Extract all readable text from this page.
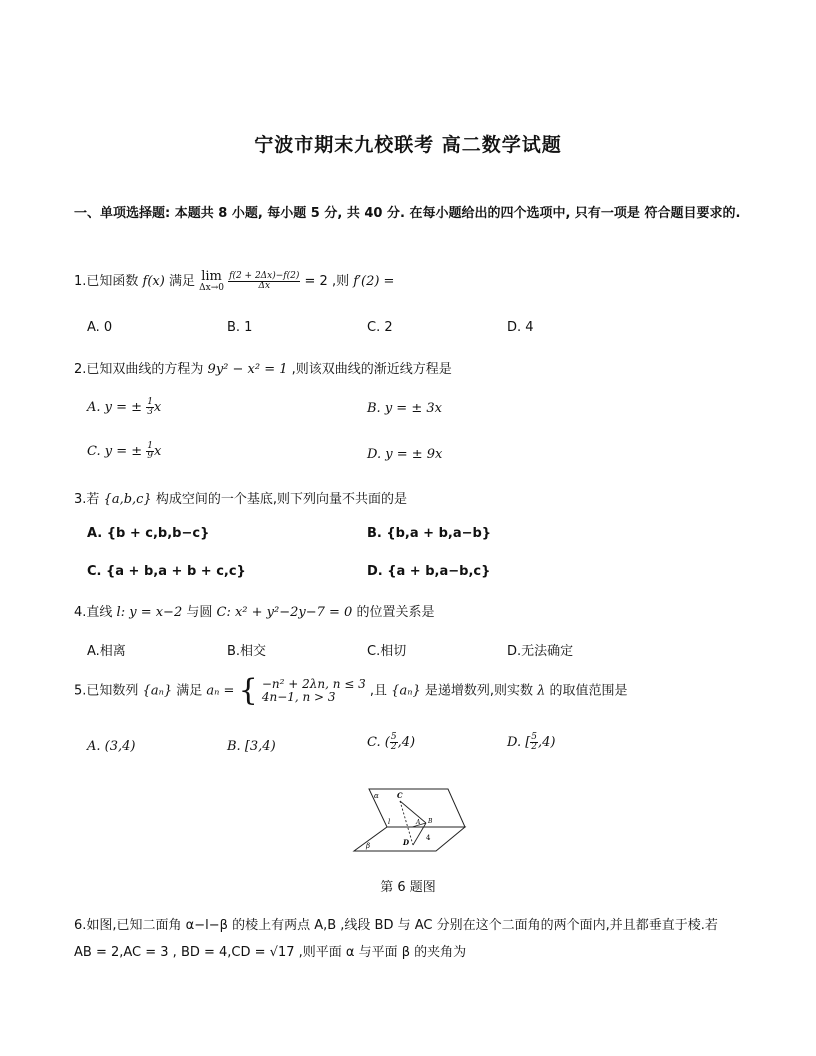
宁波市期末九校联考 高二数学试题
一、单项选择题: 本题共 8 小题, 每小题 5 分, 共 40 分. 在每小题给出的四个选项中, 只有一项是 符合题目要求的.
1.已知函数 f(x) 满足 lim
Δx→0
$\frac{f(2 + 2\Delta x)-f(2)}{\Delta x} = 2$ ,则 f′(2) =
A. 0	B. 1	C. 2	D. 4
2.已知双曲线的方程为 9y² − x² = 1 ,则该双曲线的渐近线方程是
A. y = ± $\frac{1}{3}$ x	B. y = ± 3x
C. y = ± $\frac{1}{9}$ x	D. y = ± 9x
3.若 {a,b,c} 构成空间的一个基底,则下列向量不共面的是
A. {b + c,b,b−c}	B. {b,a + b,a−b}
C. {a + b,a + b + c,c}	D. {a + b,a−b,c}
4.直线 l: y = x−2 与圆 C: x² + y²−2y−7 = 0 的位置关系是
A.相离	B.相交	C.相切	D.无法确定
5.已知数列 {aₙ} 满足 aₙ = { −n² + 2λn, n ≤ 3
4n−1, n > 3	,且 {aₙ} 是递增数列,则实数 λ 的取值范围是
A. (3,4)	B. [3,4)	C. ( $\frac{5}{2} ,4$)	D. [ $\frac{5}{2} ,4$)
α	C
l	A B
β	D 4
第 6 题图
6.如图,已知二面角 α−l−β 的棱上有两点 A,B ,线段 BD 与 AC 分别在这个二面角的两个面内,并且都垂直于棱.若
AB = 2,AC = 3 , BD = 4,CD = √17 ,则平面 α 与平面 β 的夹角为
